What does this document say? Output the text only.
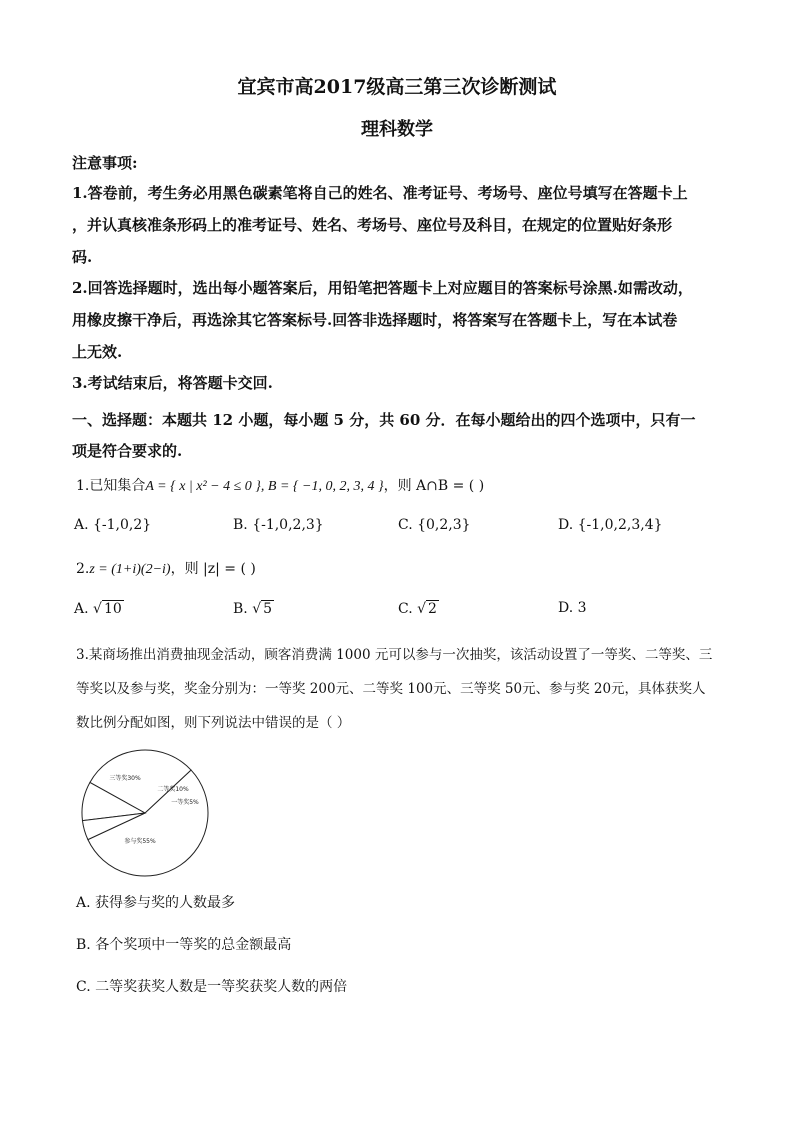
宜宾市高2017级高三第三次诊断测试
理科数学
注意事项:
1.答卷前，考生务必用黑色碳素笔将自己的姓名、准考证号、考场号、座位号填写在答题卡上
，并认真核准条形码上的准考证号、姓名、考场号、座位号及科目，在规定的位置贴好条形
码.
2.回答选择题时，选出每小题答案后，用铅笔把答题卡上对应题目的答案标号涂黑.如需改动，
用橡皮擦干净后，再选涂其它答案标号.回答非选择题时，将答案写在答题卡上，写在本试卷
上无效.
3.考试结束后，将答题卡交回.
一、选择题：本题共 12 小题，每小题 5 分，共 60 分．在每小题给出的四个选项中，只有一
项是符合要求的.
1.已知集合A = { x | x² − 4 ≤ 0 }, B = { −1, 0, 2, 3, 4 }，则 A∩B = ( )
A. {-1,0,2}	B. {-1,0,2,3}	C. {0,2,3}	D. {-1,0,2,3,4}
2.z = (1+i)(2−i)，则 |z| = ( )
A. √ 10	B. √ 5	C. √ 2	D. 3
3.某商场推出消费抽现金活动，顾客消费满 1000 元可以参与一次抽奖，该活动设置了一等奖、二等奖、三
等奖以及参与奖，奖金分别为：一等奖 200元、二等奖 100元、三等奖 50元、参与奖 20元，具体获奖人
数比例分配如图，则下列说法中错误的是（ ）
参与奖55%
三等奖30%
二等奖10%
一等奖5%
A. 获得参与奖的人数最多
B. 各个奖项中一等奖的总金额最高
C. 二等奖获奖人数是一等奖获奖人数的两倍
